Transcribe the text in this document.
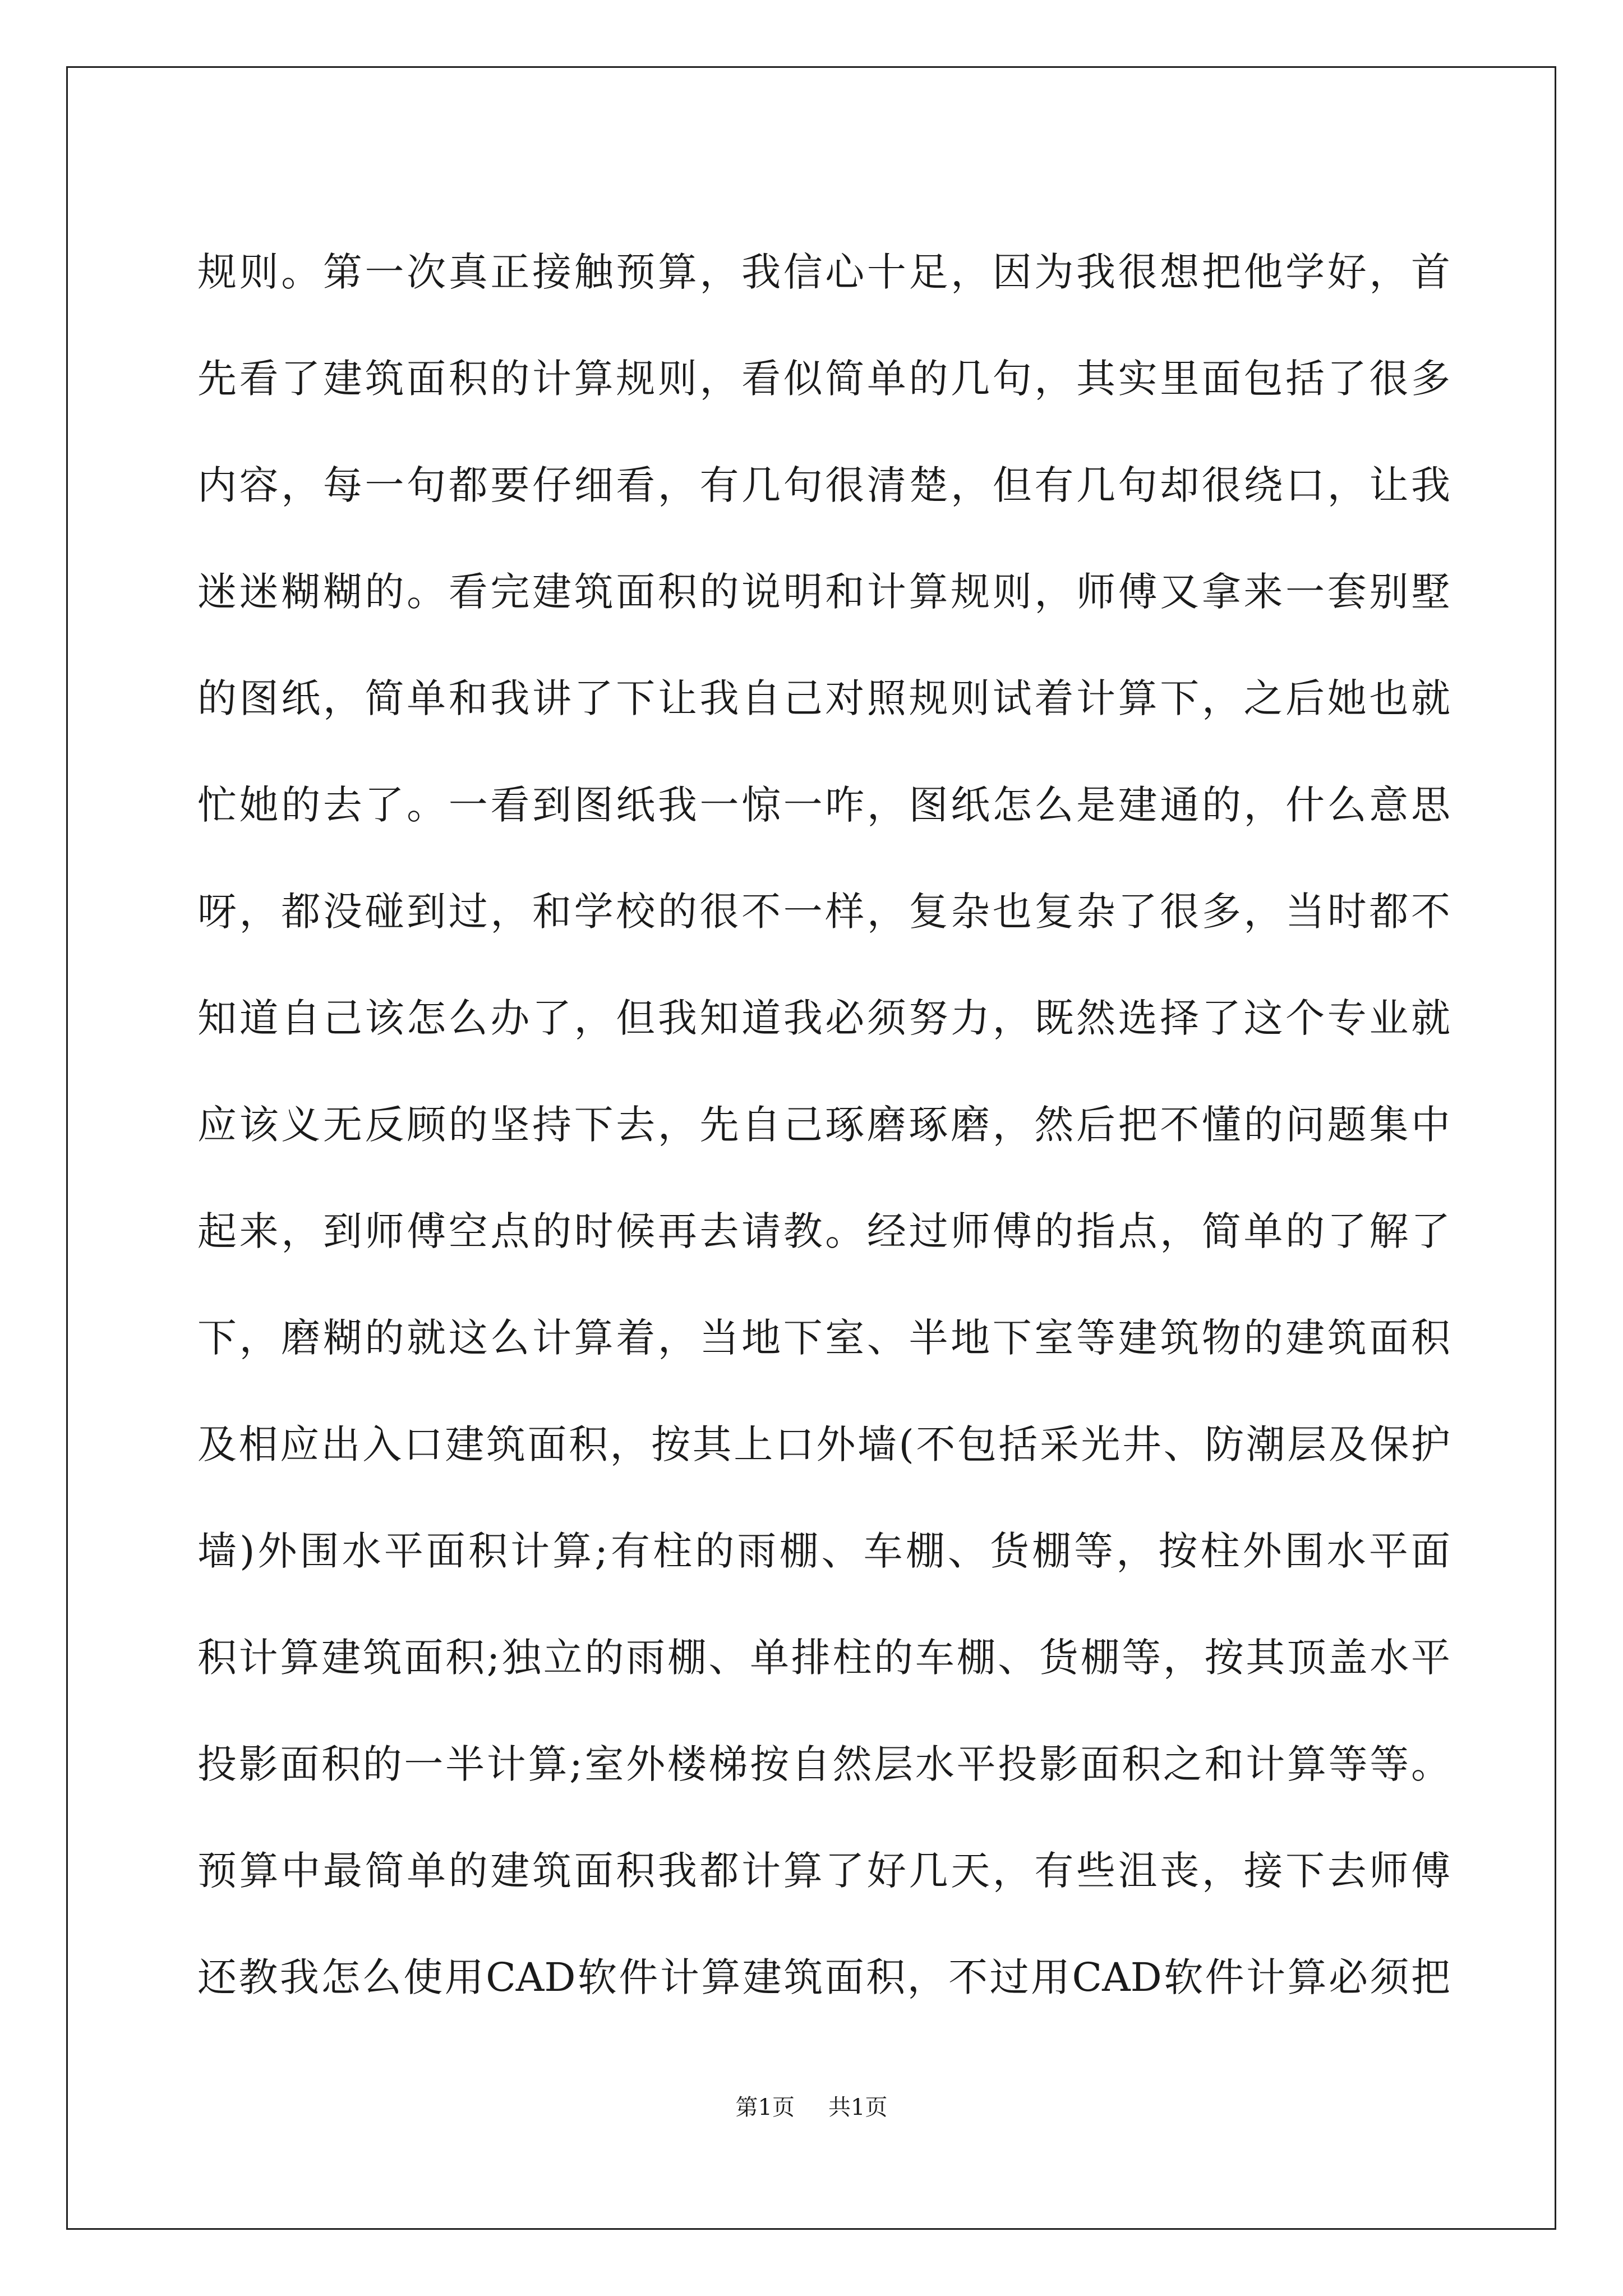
规则。第一次真正接触预算，我信心十足，因为我很想把他学好，首
先看了建筑面积的计算规则，看似简单的几句，其实里面包括了很多
内容，每一句都要仔细看，有几句很清楚，但有几句却很绕口，让我
迷迷糊糊的。看完建筑面积的说明和计算规则，师傅又拿来一套别墅
的图纸，简单和我讲了下让我自己对照规则试着计算下，之后她也就
忙她的去了。一看到图纸我一惊一咋，图纸怎么是建通的，什么意思
呀，都没碰到过，和学校的很不一样，复杂也复杂了很多，当时都不
知道自己该怎么办了，但我知道我必须努力，既然选择了这个专业就
应该义无反顾的坚持下去，先自己琢磨琢磨，然后把不懂的问题集中
起来，到师傅空点的时候再去请教。经过师傅的指点，简单的了解了
下，磨糊的就这么计算着，当地下室、半地下室等建筑物的建筑面积
及相应出入口建筑面积，按其上口外墙(不包括采光井、防潮层及保护
墙)外围水平面积计算;有柱的雨棚、车棚、货棚等，按柱外围水平面
积计算建筑面积;独立的雨棚、单排柱的车棚、货棚等，按其顶盖水平
投影面积的一半计算;室外楼梯按自然层水平投影面积之和计算等等。
预算中最简单的建筑面积我都计算了好几天，有些沮丧，接下去师傅
还教我怎么使用CAD软件计算建筑面积，不过用CAD软件计算必须把
第1页 共1页
